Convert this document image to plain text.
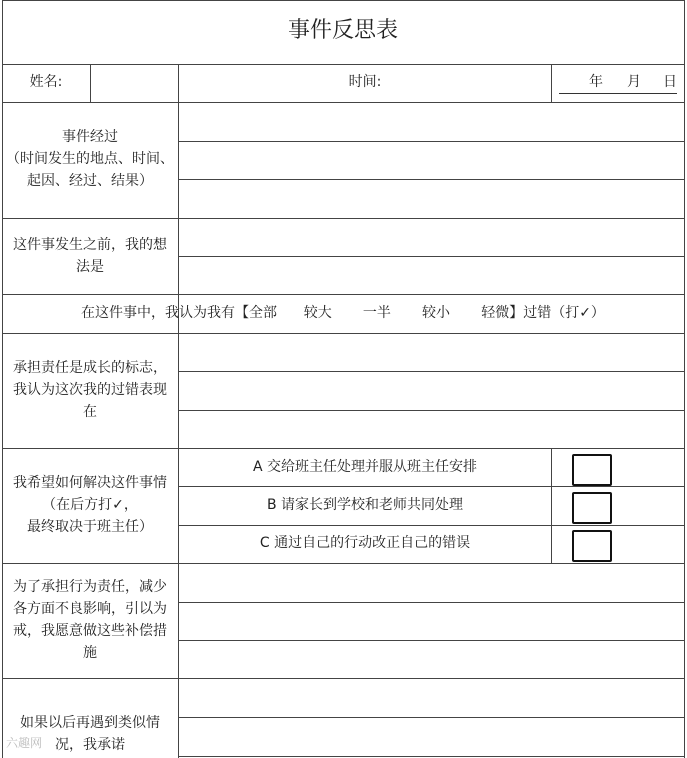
事件反思表
姓名:	时间:	年 月 日
事件经过
（时间发生的地点、时间、
起因、经过、结果）
这件事发生之前，我的想
法是
在这件事中，我认为我有【全部      较大       一半       较小       轻微】过错（打✓）
承担责任是成长的标志，
我认为这次我的过错表现
在
我希望如何解决这件事情
（在后方打✓，
最终取决于班主任）
A 交给班主任处理并服从班主任安排
B 请家长到学校和老师共同处理
C 通过自己的行动改正自己的错误
为了承担行为责任，减少
各方面不良影响，引以为
戒，我愿意做这些补偿措
施
如果以后再遇到类似情
况，我承诺
六趣网
